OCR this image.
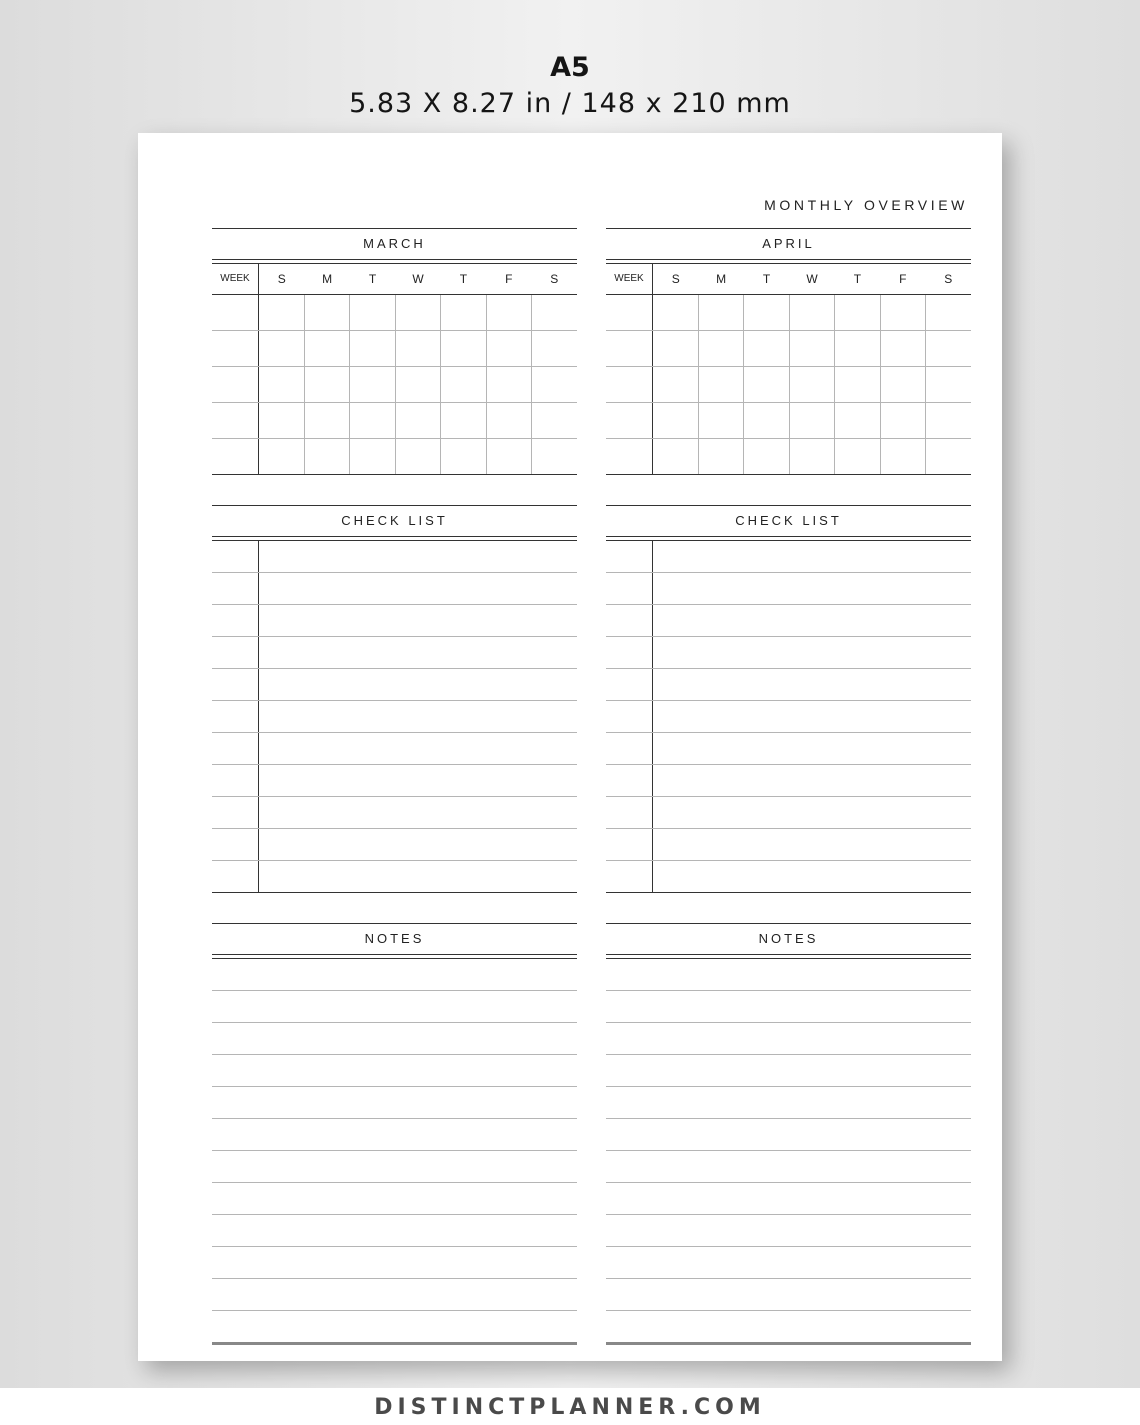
A5
5.83 X 8.27 in / 148 x 210 mm
MONTHLY OVERVIEW
MARCH
WEEK	S	M	T	W	T	F	S
CHECK LIST
NOTES
APRIL
WEEK	S	M	T	W	T	F	S
CHECK LIST
NOTES
DISTINCTPLANNER.COM
